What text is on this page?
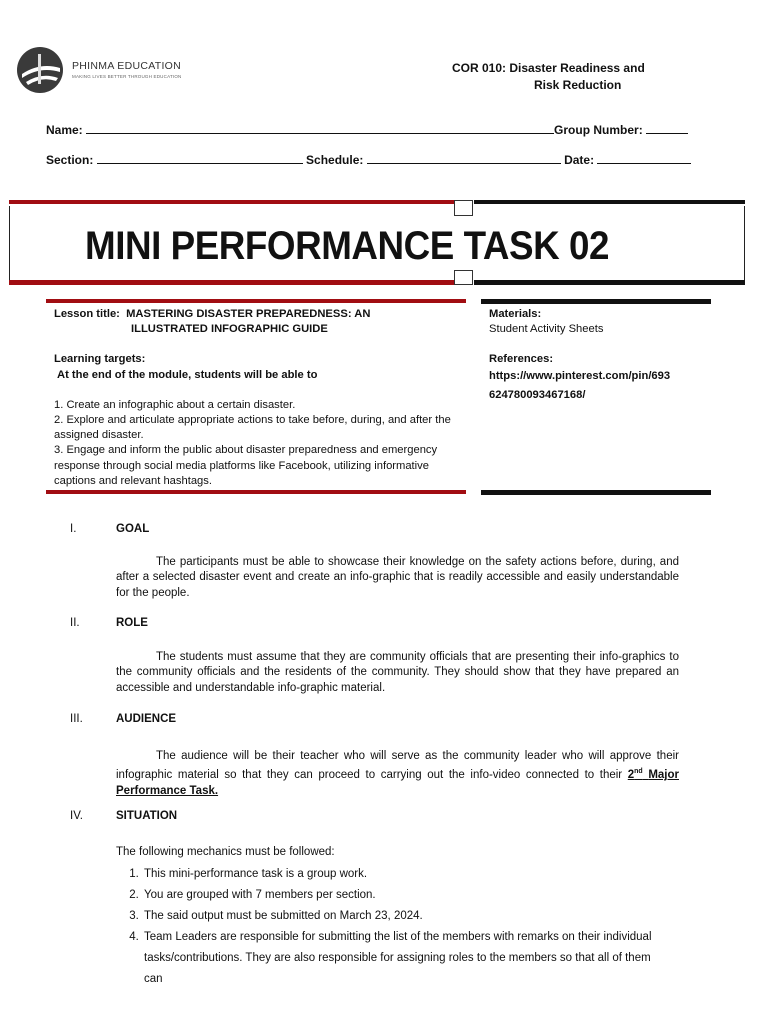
PHINMA EDUCATION
MAKING LIVES BETTER THROUGH EDUCATION
COR 010: Disaster Readiness and
Risk Reduction
Name:	Group Number:
Section:	Schedule:	Date:
MINI PERFORMANCE TASK 02

Lesson title: MASTERING DISASTER PREPAREDNESS: AN

ILLUSTRATED INFOGRAPHIC GUIDE

Learning targets:

At the end of the module, students will be able to

1. Create an infographic about a certain disaster.

2. Explore and articulate appropriate actions to take before, during, and after the assigned disaster.

3. Engage and inform the public about disaster preparedness and emergency response through social media platforms like Facebook, utilizing informative captions and relevant hashtags.

Materials:

Student Activity Sheets

References:

https://www.pinterest.com/pin/693

624780093467168/

I.	GOAL
The participants must be able to showcase their knowledge on the safety actions before, during, and after a selected disaster event and create an info-graphic that is readily accessible and easily understandable for the people.
II.	ROLE
The students must assume that they are community officials that are presenting their info-graphics to the community officials and the residents of the community. They should show that they have prepared an accessible and understandable info-graphic material.
III.	AUDIENCE
The audience will be their teacher who will serve as the community leader who will approve their infographic material so that they can proceed to carrying out the info-video connected to their 2nd Major Performance Task.
IV.	SITUATION
The following mechanics must be followed:
1. This mini-performance task is a group work.
2. You are grouped with 7 members per section.
3. The said output must be submitted on March 23, 2024.
4. Team Leaders are responsible for submitting the list of the members with remarks on their individual tasks/contributions. They are also responsible for assigning roles to the members so that all of them can
